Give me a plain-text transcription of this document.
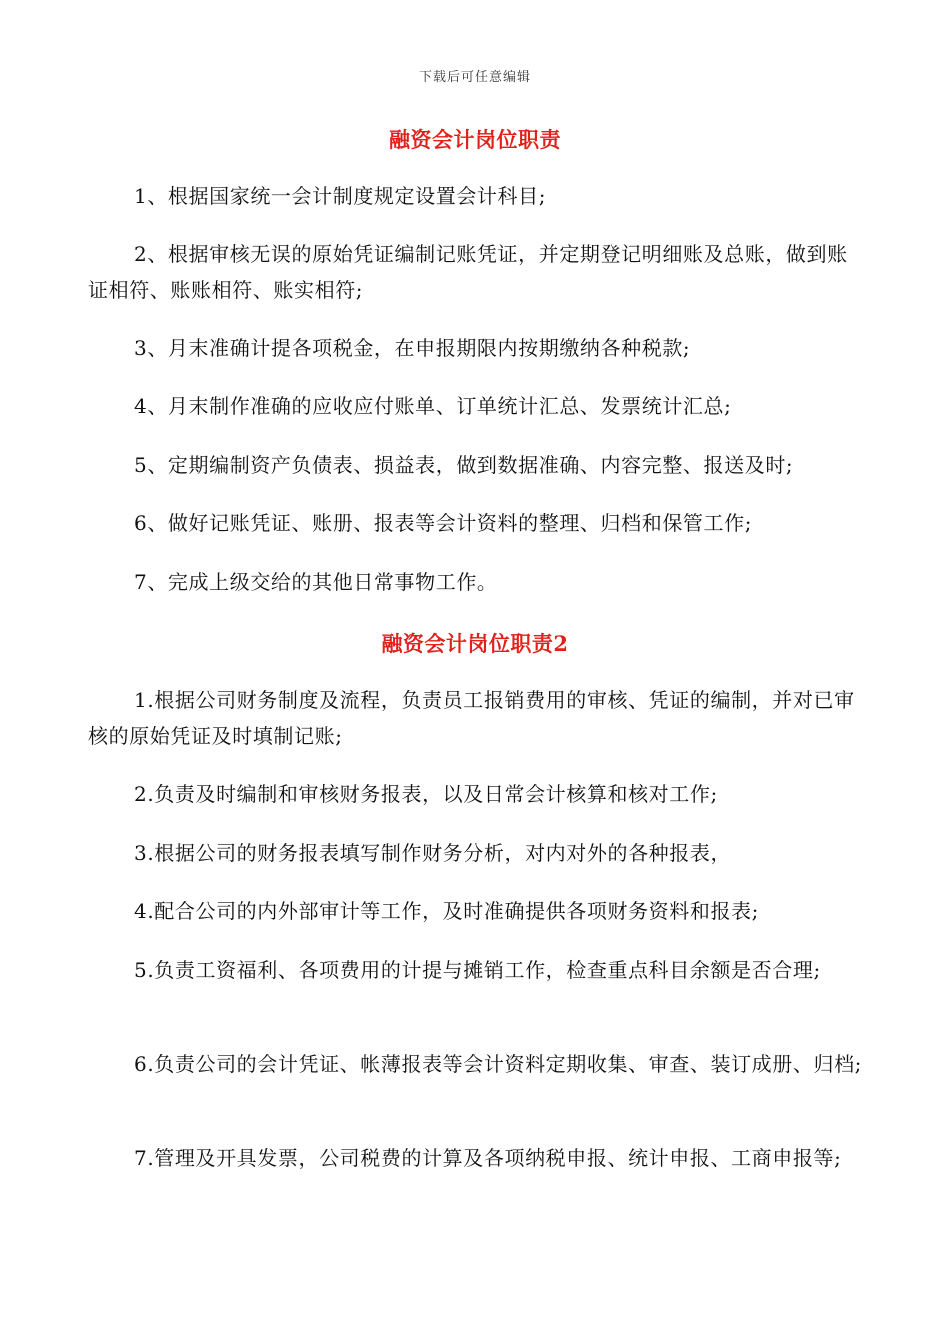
下载后可任意编辑
融资会计岗位职责
1、根据国家统一会计制度规定设置会计科目;
2、根据审核无误的原始凭证编制记账凭证，并定期登记明细账及总账，做到账证相符、账账相符、账实相符;
3、月末准确计提各项税金，在申报期限内按期缴纳各种税款;
4、月末制作准确的应收应付账单、订单统计汇总、发票统计汇总;
5、定期编制资产负债表、损益表，做到数据准确、内容完整、报送及时;
6、做好记账凭证、账册、报表等会计资料的整理、归档和保管工作;
7、完成上级交给的其他日常事物工作。
融资会计岗位职责2
1.根据公司财务制度及流程，负责员工报销费用的审核、凭证的编制，并对已审核的原始凭证及时填制记账;
2.负责及时编制和审核财务报表，以及日常会计核算和核对工作;
3.根据公司的财务报表填写制作财务分析，对内对外的各种报表，
4.配合公司的内外部审计等工作，及时准确提供各项财务资料和报表;
5.负责工资福利、各项费用的计提与摊销工作，检查重点科目余额是否合理;
6.负责公司的会计凭证、帐薄报表等会计资料定期收集、审查、装订成册、归档;
7.管理及开具发票，公司税费的计算及各项纳税申报、统计申报、工商申报等;
